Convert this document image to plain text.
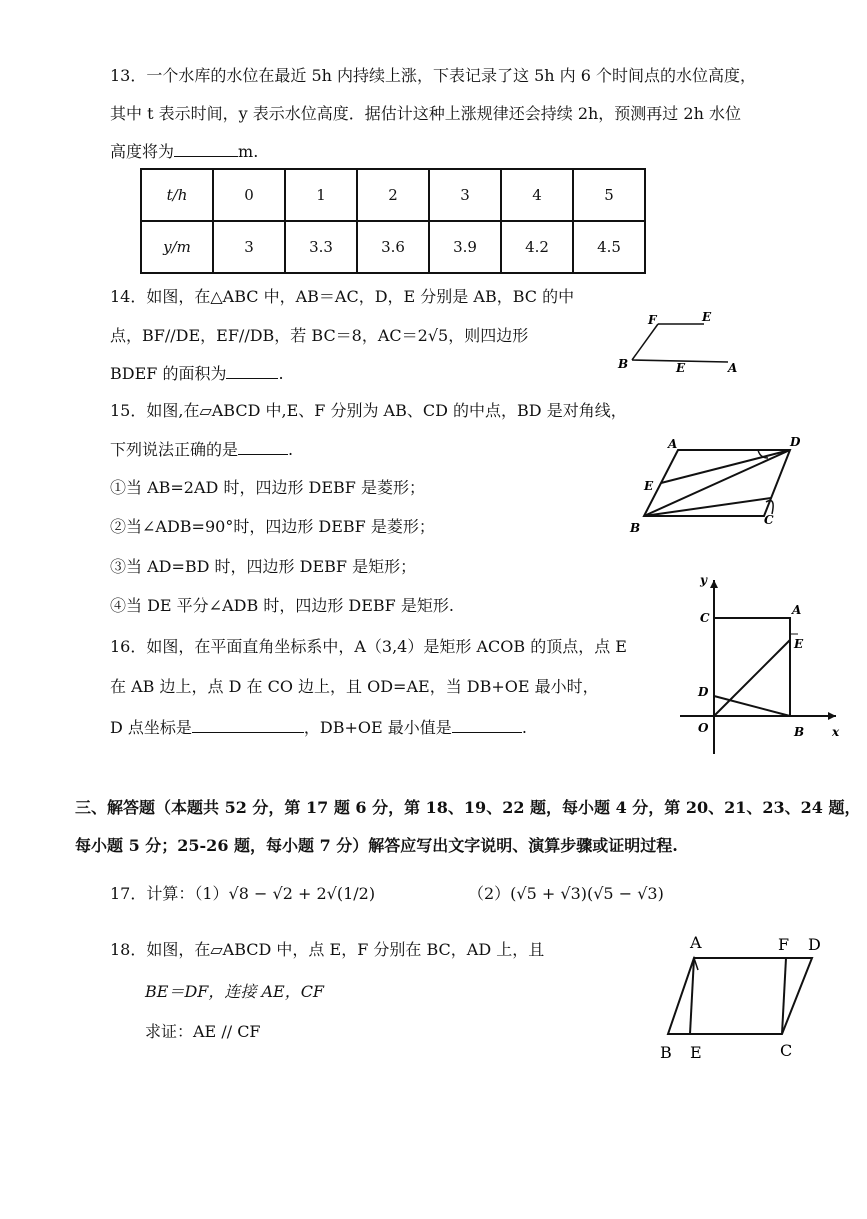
13．一个水库的水位在最近 5h 内持续上涨，下表记录了这 5h 内 6 个时间点的水位高度，
其中 t 表示时间，y 表示水位高度．据估计这种上涨规律还会持续 2h，预测再过 2h 水位
高度将为	m.
t/h	0	1	2	3	4	5
y/m	3	3.3	3.6	3.9	4.2	4.5
14．如图，在△ABC 中，AB＝AC，D，E 分别是 AB，BC 的中
点，BF//DE，EF//DB，若 BC＝8，AC＝2√5，则四边形
BDEF 的面积为	.
F	E
B	E	A
15．如图,在▱ABCD 中,E、F 分别为 AB、CD 的中点，BD 是对角线，
下列说法正确的是	.
①当 AB=2AD 时，四边形 DEBF 是菱形；
②当∠ADB=90°时，四边形 DEBF 是菱形；
③当 AD=BD 时，四边形 DEBF 是矩形；
④当 DE 平分∠ADB 时，四边形 DEBF 是矩形.
A	D
E
B
C
16．如图，在平面直角坐标系中，A（3,4）是矩形 ACOB 的顶点，点 E
在 AB 边上，点 D 在 CO 边上，且 OD=AE，当 DB+OE 最小时，
D 点坐标是	，DB+OE 最小值是	.
y
C
A
E
D
O	B x
三、解答题（本题共 52 分，第 17 题 6 分，第 18、19、22 题，每小题 4 分，第 20、21、23、24 题，
每小题 5 分；25-26 题，每小题 7 分）解答应写出文字说明、演算步骤或证明过程.
17．计算：（1）√8 − √2 + 2√(1/2)	（2）(√5 + √3)(√5 − √3)
18．如图，在▱ABCD 中，点 E，F 分别在 BC，AD 上，且
BE＝DF，连接 AE，CF
求证：AE // CF
A	F D
B E	C
